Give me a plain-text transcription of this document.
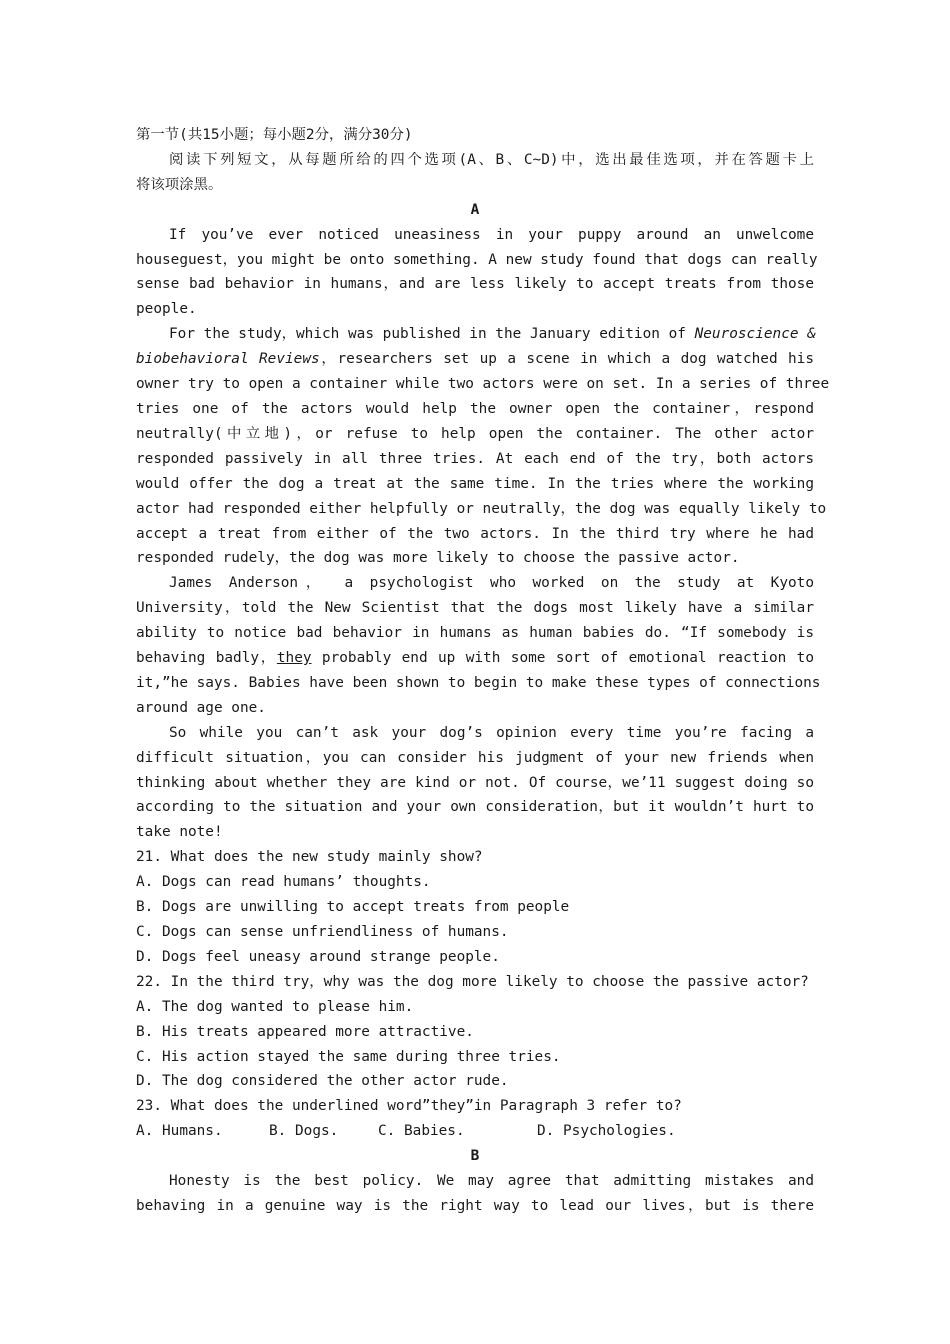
第一节(共15小题；每小题2分，满分30分)
阅读下列短文，从每题所给的四个选项(A、B、C~D)中，选出最佳选项，并在答题卡上
将该项涂黑。
A
If you’ve ever noticed uneasiness in your puppy around an unwelcome
houseguest，you might be onto something. A new study found that dogs can really
sense bad behavior in humans，and are less likely to accept treats from those
people.
For the study，which was published in the January edition of Neuroscience &
biobehavioral Reviews，researchers set up a scene in which a dog watched his
owner try to open a container while two actors were on set. In a series of three
tries one of the actors would help the owner open the container，respond
neutrally(中立地)，or refuse to help open the container. The other actor
responded passively in all three tries. At each end of the try，both actors
would offer the dog a treat at the same time. In the tries where the working
actor had responded either helpfully or neutrally，the dog was equally likely to
accept a treat from either of the two actors. In the third try where he had
responded rudely，the dog was more likely to choose the passive actor.
James Anderson， a psychologist who worked on the study at Kyoto
University，told the New Scientist that the dogs most likely have a similar
ability to notice bad behavior in humans as human babies do. “If somebody is
behaving badly，they probably end up with some sort of emotional reaction to
it,”he says. Babies have been shown to begin to make these types of connections
around age one.
So while you can’t ask your dog’s opinion every time you’re facing a
difficult situation，you can consider his judgment of your new friends when
thinking about whether they are kind or not. Of course，we’11 suggest doing so
according to the situation and your own consideration，but it wouldn’t hurt to
take note!
21. What does the new study mainly show?
A. Dogs can read humans’ thoughts.
B. Dogs are unwilling to accept treats from people
C. Dogs can sense unfriendliness of humans.
D. Dogs feel uneasy around strange people.
22. In the third try，why was the dog more likely to choose the passive actor?
A. The dog wanted to please him.
B. His treats appeared more attractive.
C. His action stayed the same during three tries.
D. The dog considered the other actor rude.
23. What does the underlined word”they”in Paragraph 3 refer to?
A. Humans.	B. Dogs.	C. Babies.	D. Psychologies.
B
Honesty is the best policy. We may agree that admitting mistakes and
behaving in a genuine way is the right way to lead our lives，but is there
